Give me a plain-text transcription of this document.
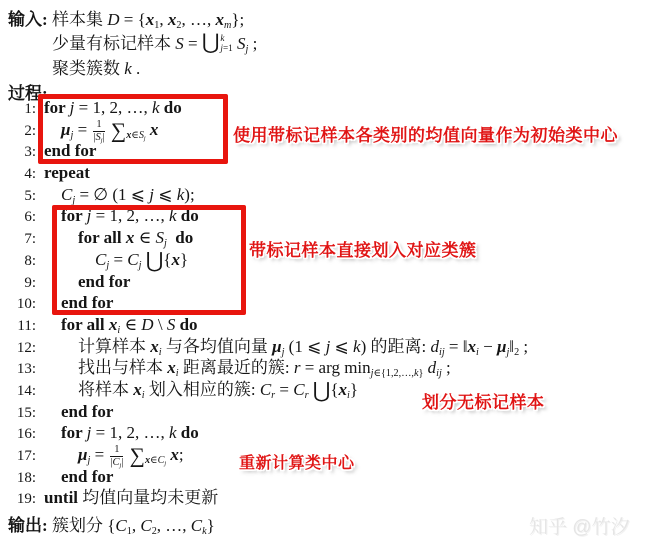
输入: 样本集 $D = \{x_1$, $x_2$, …, $x_m$};
少量有标记样本 S = ⋃ k
j=1 $S_j$ ;
聚类簇数 k .
过程:
1: for j = 1, 2, …, k do
2:	$\mu_j = \frac{1}{|S_j|} \sum_{x\in S_j}$ x
3: end for
4: repeat
5:	$C_j$ = ∅ (1 ⩽ j ⩽ k);
6:	for j = 1, 2, …, k do
7:	for all x ∈ $S_j$  do
8:	$C_j = C_j$ ⋃{x}
9:	end for
10:	end for
11:	for all $x_i$ ∈ D \ S do
12:	计算样本 $x_i$ 与各均值向量 $\mu_j$ (1 ⩽ j ⩽ k) 的距离: $d_{ij}$ = $‖x_i$ − $\mu_j‖_2$ ;
13:	找出与样本 $x_i$ 距离最近的簇: r = arg $\min_{j\in\{1,2,\dots,k\}} d_{ij}$ ;
14:	将样本 $x_i$ 划入相应的簇: $C_r = C_r$ $⋃\{x_i\}$
15:	end for
16:	for j = 1, 2, …, k do
17:	$\mu_j = \frac{1}{|C_j|} \sum_{x\in C_j}$ x;
18:	end for
19: until 均值向量均未更新
输出: 簇划分 {$C_1$, $C_2$, …, $C_k$}
使用带标记样本各类别的均值向量作为初始类中心
带标记样本直接划入对应类簇
划分无标记样本
重新计算类中心
知乎 @竹汐
